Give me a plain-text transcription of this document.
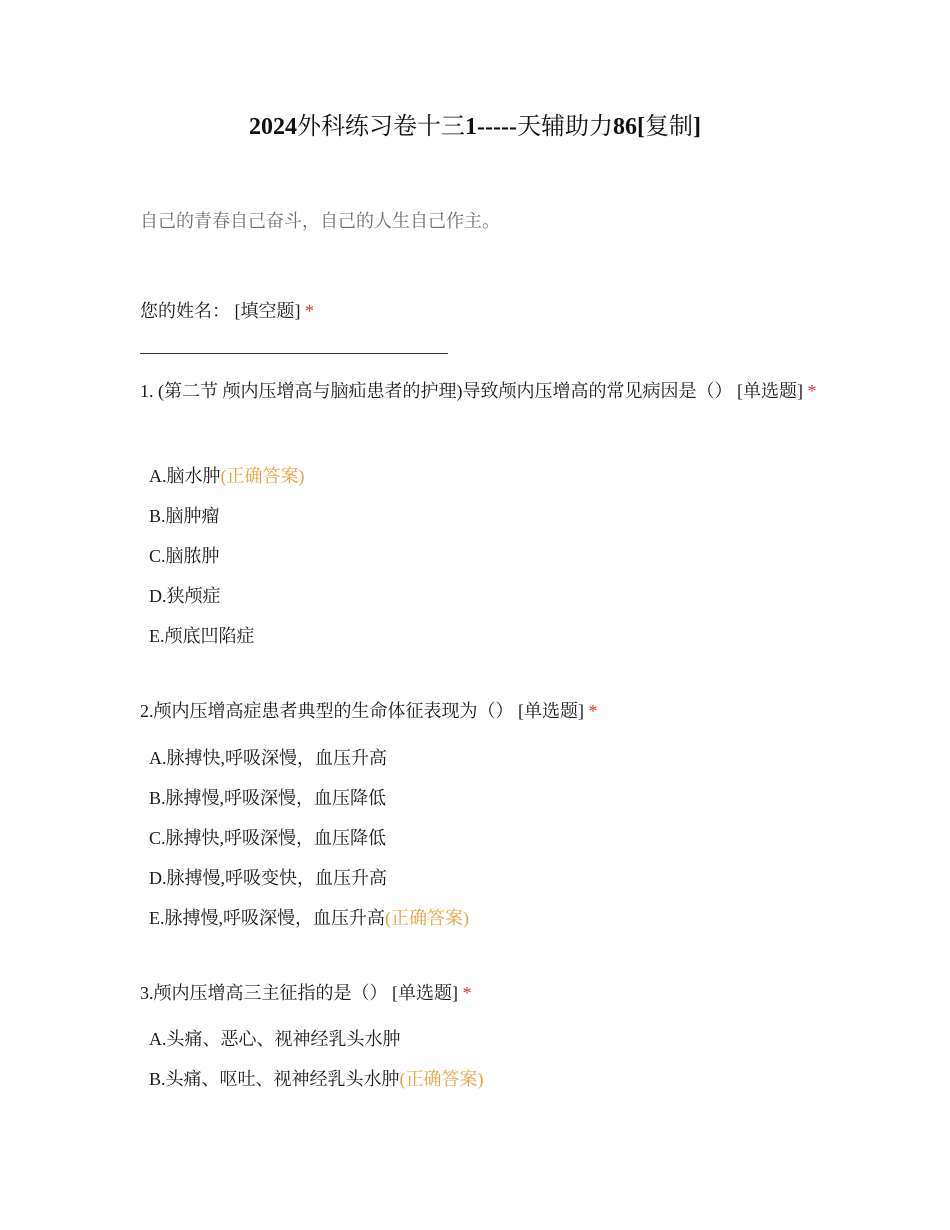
2024外科练习卷十三1-----天辅助力86[复制]
自己的青春自己奋斗，自己的人生自己作主。
您的姓名： [填空题] *
1. (第二节 颅内压增高与脑疝患者的护理)导致颅内压增高的常见病因是（） [单选题] *
A.脑水肿(正确答案)
B.脑肿瘤
C.脑脓肿
D.狭颅症
E.颅底凹陷症
2.颅内压增高症患者典型的生命体征表现为（） [单选题] *
A.脉搏快,呼吸深慢，血压升高
B.脉搏慢,呼吸深慢，血压降低
C.脉搏快,呼吸深慢，血压降低
D.脉搏慢,呼吸变快，血压升高
E.脉搏慢,呼吸深慢，血压升高(正确答案)
3.颅内压增高三主征指的是（） [单选题] *
A.头痛、恶心、视神经乳头水肿
B.头痛、呕吐、视神经乳头水肿(正确答案)
